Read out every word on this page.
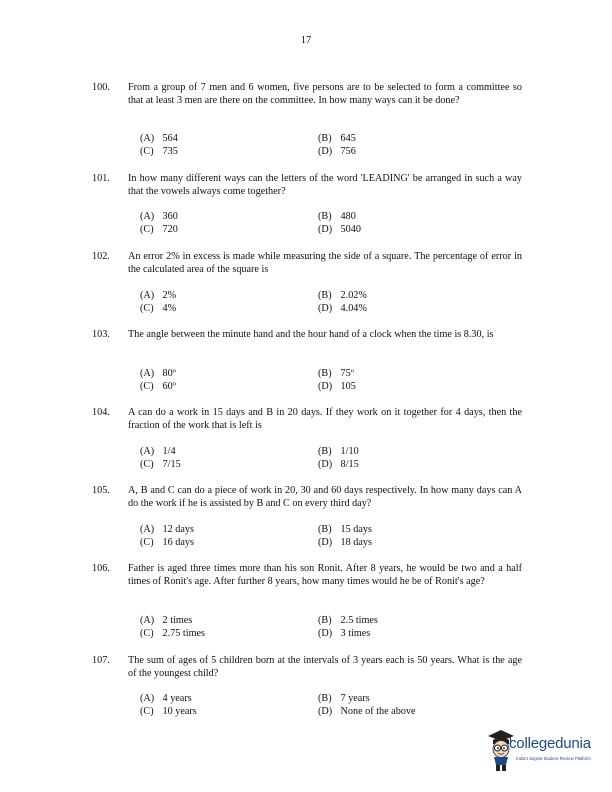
17
100. From a group of 7 men and 6 women, five persons are to be selected to form a committee so that at least 3 men are there on the committee. In how many ways can it be done?
(A) 564	(B) 645
(C) 735	(D) 756
101. In how many different ways can the letters of the word 'LEADING' be arranged in such a way that the vowels always come together?
(A) 360	(B) 480
(C) 720	(D) 5040
102. An error 2% in excess is made while measuring the side of a square. The percentage of error in the calculated area of the square is
(A) 2%	(B) 2.02%
(C) 4%	(D) 4.04%
103. The angle between the minute hand and the hour hand of a clock when the time is 8.30, is
(A) 80º	(B) 75º
(C) 60º	(D) 105
104. A can do a work in 15 days and B in 20 days. If they work on it together for 4 days, then the fraction of the work that is left is
(A) 1/4	(B) 1/10
(C) 7/15	(D) 8/15
105. A, B and C can do a piece of work in 20, 30 and 60 days respectively. In how many days can A do the work if he is assisted by B and C on every third day?
(A) 12 days	(B) 15 days
(C) 16 days	(D) 18 days
106. Father is aged three times more than his son Ronit. After 8 years, he would be two and a half times of Ronit's age. After further 8 years, how many times would he be of Ronit's age?
(A) 2 times	(B) 2.5 times
(C) 2.75 times	(D) 3 times
107. The sum of ages of 5 children born at the intervals of 3 years each is 50 years. What is the age of the youngest child?
(A) 4 years	(B) 7 years
(C) 10 years	(D) None of the above
collegedunia
India's largest Student Review Platform
